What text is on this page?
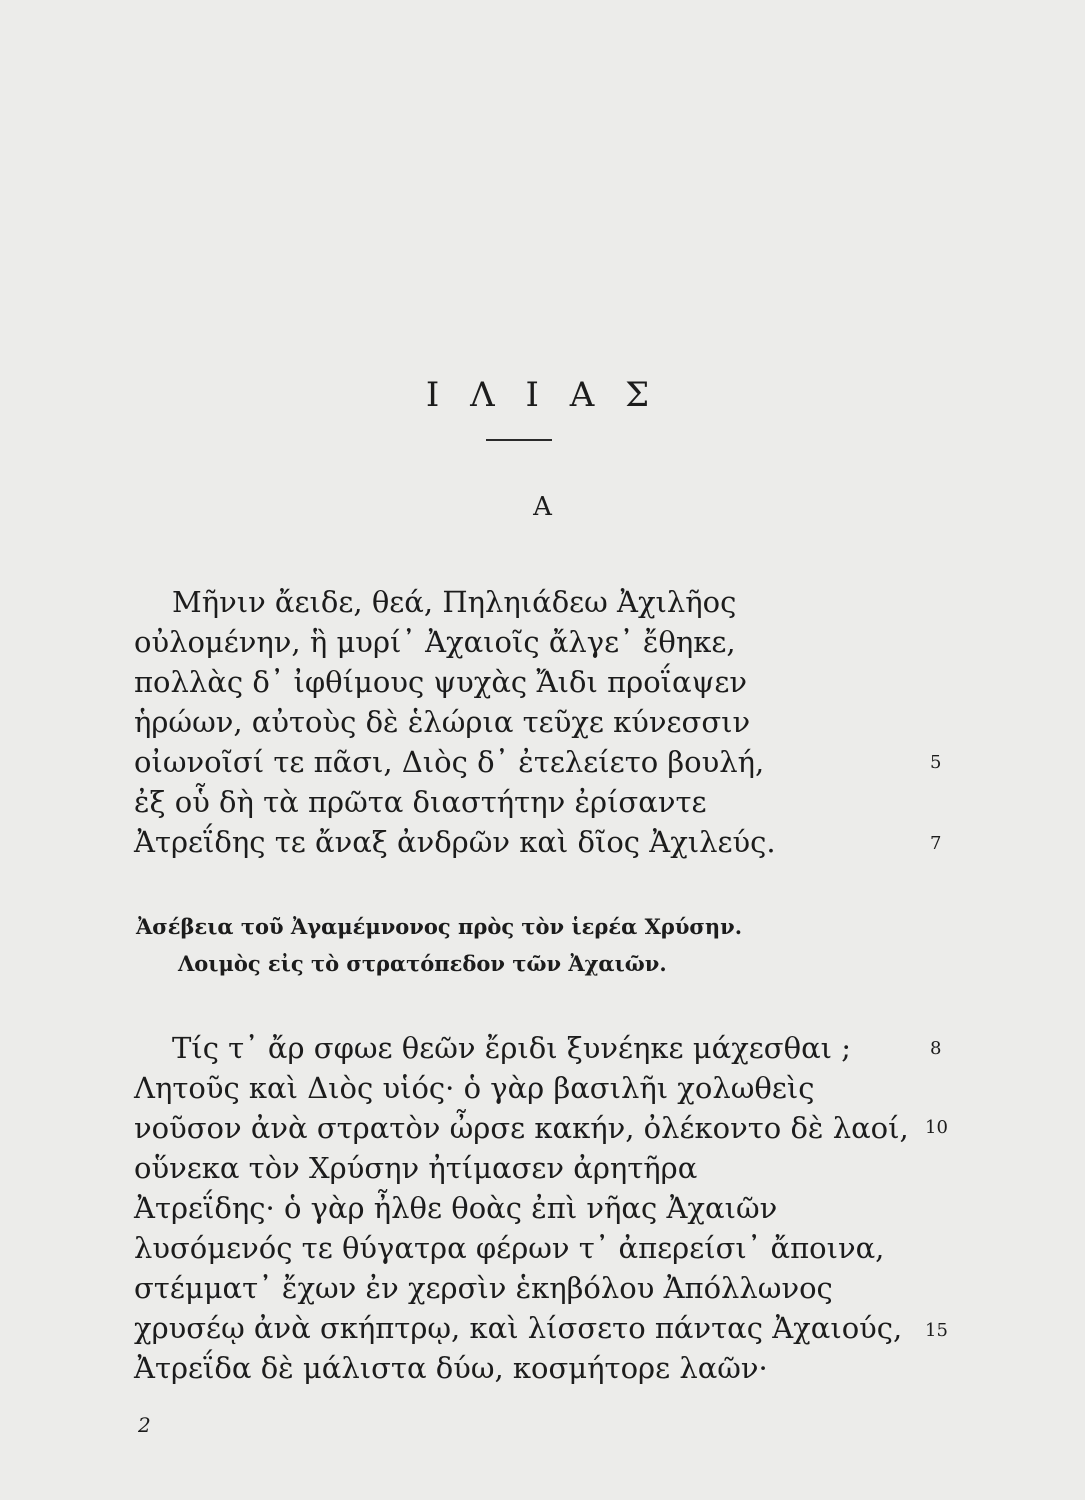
Ι Λ Ι Α Σ
Α
Μῆνιν ἄειδε, θεά, Πηληιάδεω Ἀχιλῆος
οὐλομένην, ἣ μυρί᾽ Ἀχαιοῖς ἄλγε᾽ ἔθηκε,
πολλὰς δ᾽ ἰφθίμους ψυχὰς Ἄιδι προΐαψεν
ἡρώων, αὐτοὺς δὲ ἑλώρια τεῦχε κύνεσσιν
οἰωνοῖσί τε πᾶσι, Διὸς δ᾽ ἐτελείετο βουλή,
ἐξ οὗ δὴ τὰ πρῶτα διαστήτην ἐρίσαντε
Ἀτρεΐδης τε ἄναξ ἀνδρῶν καὶ δῖος Ἀχιλεύς.
5
7
Ἀσέβεια τοῦ Ἀγαμέμνονος πρὸς τὸν ἱερέα Χρύσην.
Λοιμὸς εἰς τὸ στρατόπεδον τῶν Ἀχαιῶν.
Τίς τ᾽ ἄρ σφωε θεῶν ἔριδι ξυνέηκε μάχεσθαι ;
Λητοῦς καὶ Διὸς υἱός· ὁ γὰρ βασιλῆι χολωθεὶς
νοῦσον ἀνὰ στρατὸν ὦρσε κακήν, ὀλέκοντο δὲ λαοί,
οὕνεκα τὸν Χρύσην ἠτίμασεν ἀρητῆρα
Ἀτρεΐδης· ὁ γὰρ ἦλθε θοὰς ἐπὶ νῆας Ἀχαιῶν
λυσόμενός τε θύγατρα φέρων τ᾽ ἀπερείσι᾽ ἄποινα,
στέμματ᾽ ἔχων ἐν χερσὶν ἑκηβόλου Ἀπόλλωνος
χρυσέῳ ἀνὰ σκήπτρῳ, καὶ λίσσετο πάντας Ἀχαιούς,
Ἀτρεΐδα δὲ μάλιστα δύω, κοσμήτορε λαῶν·
8
10
15
2
